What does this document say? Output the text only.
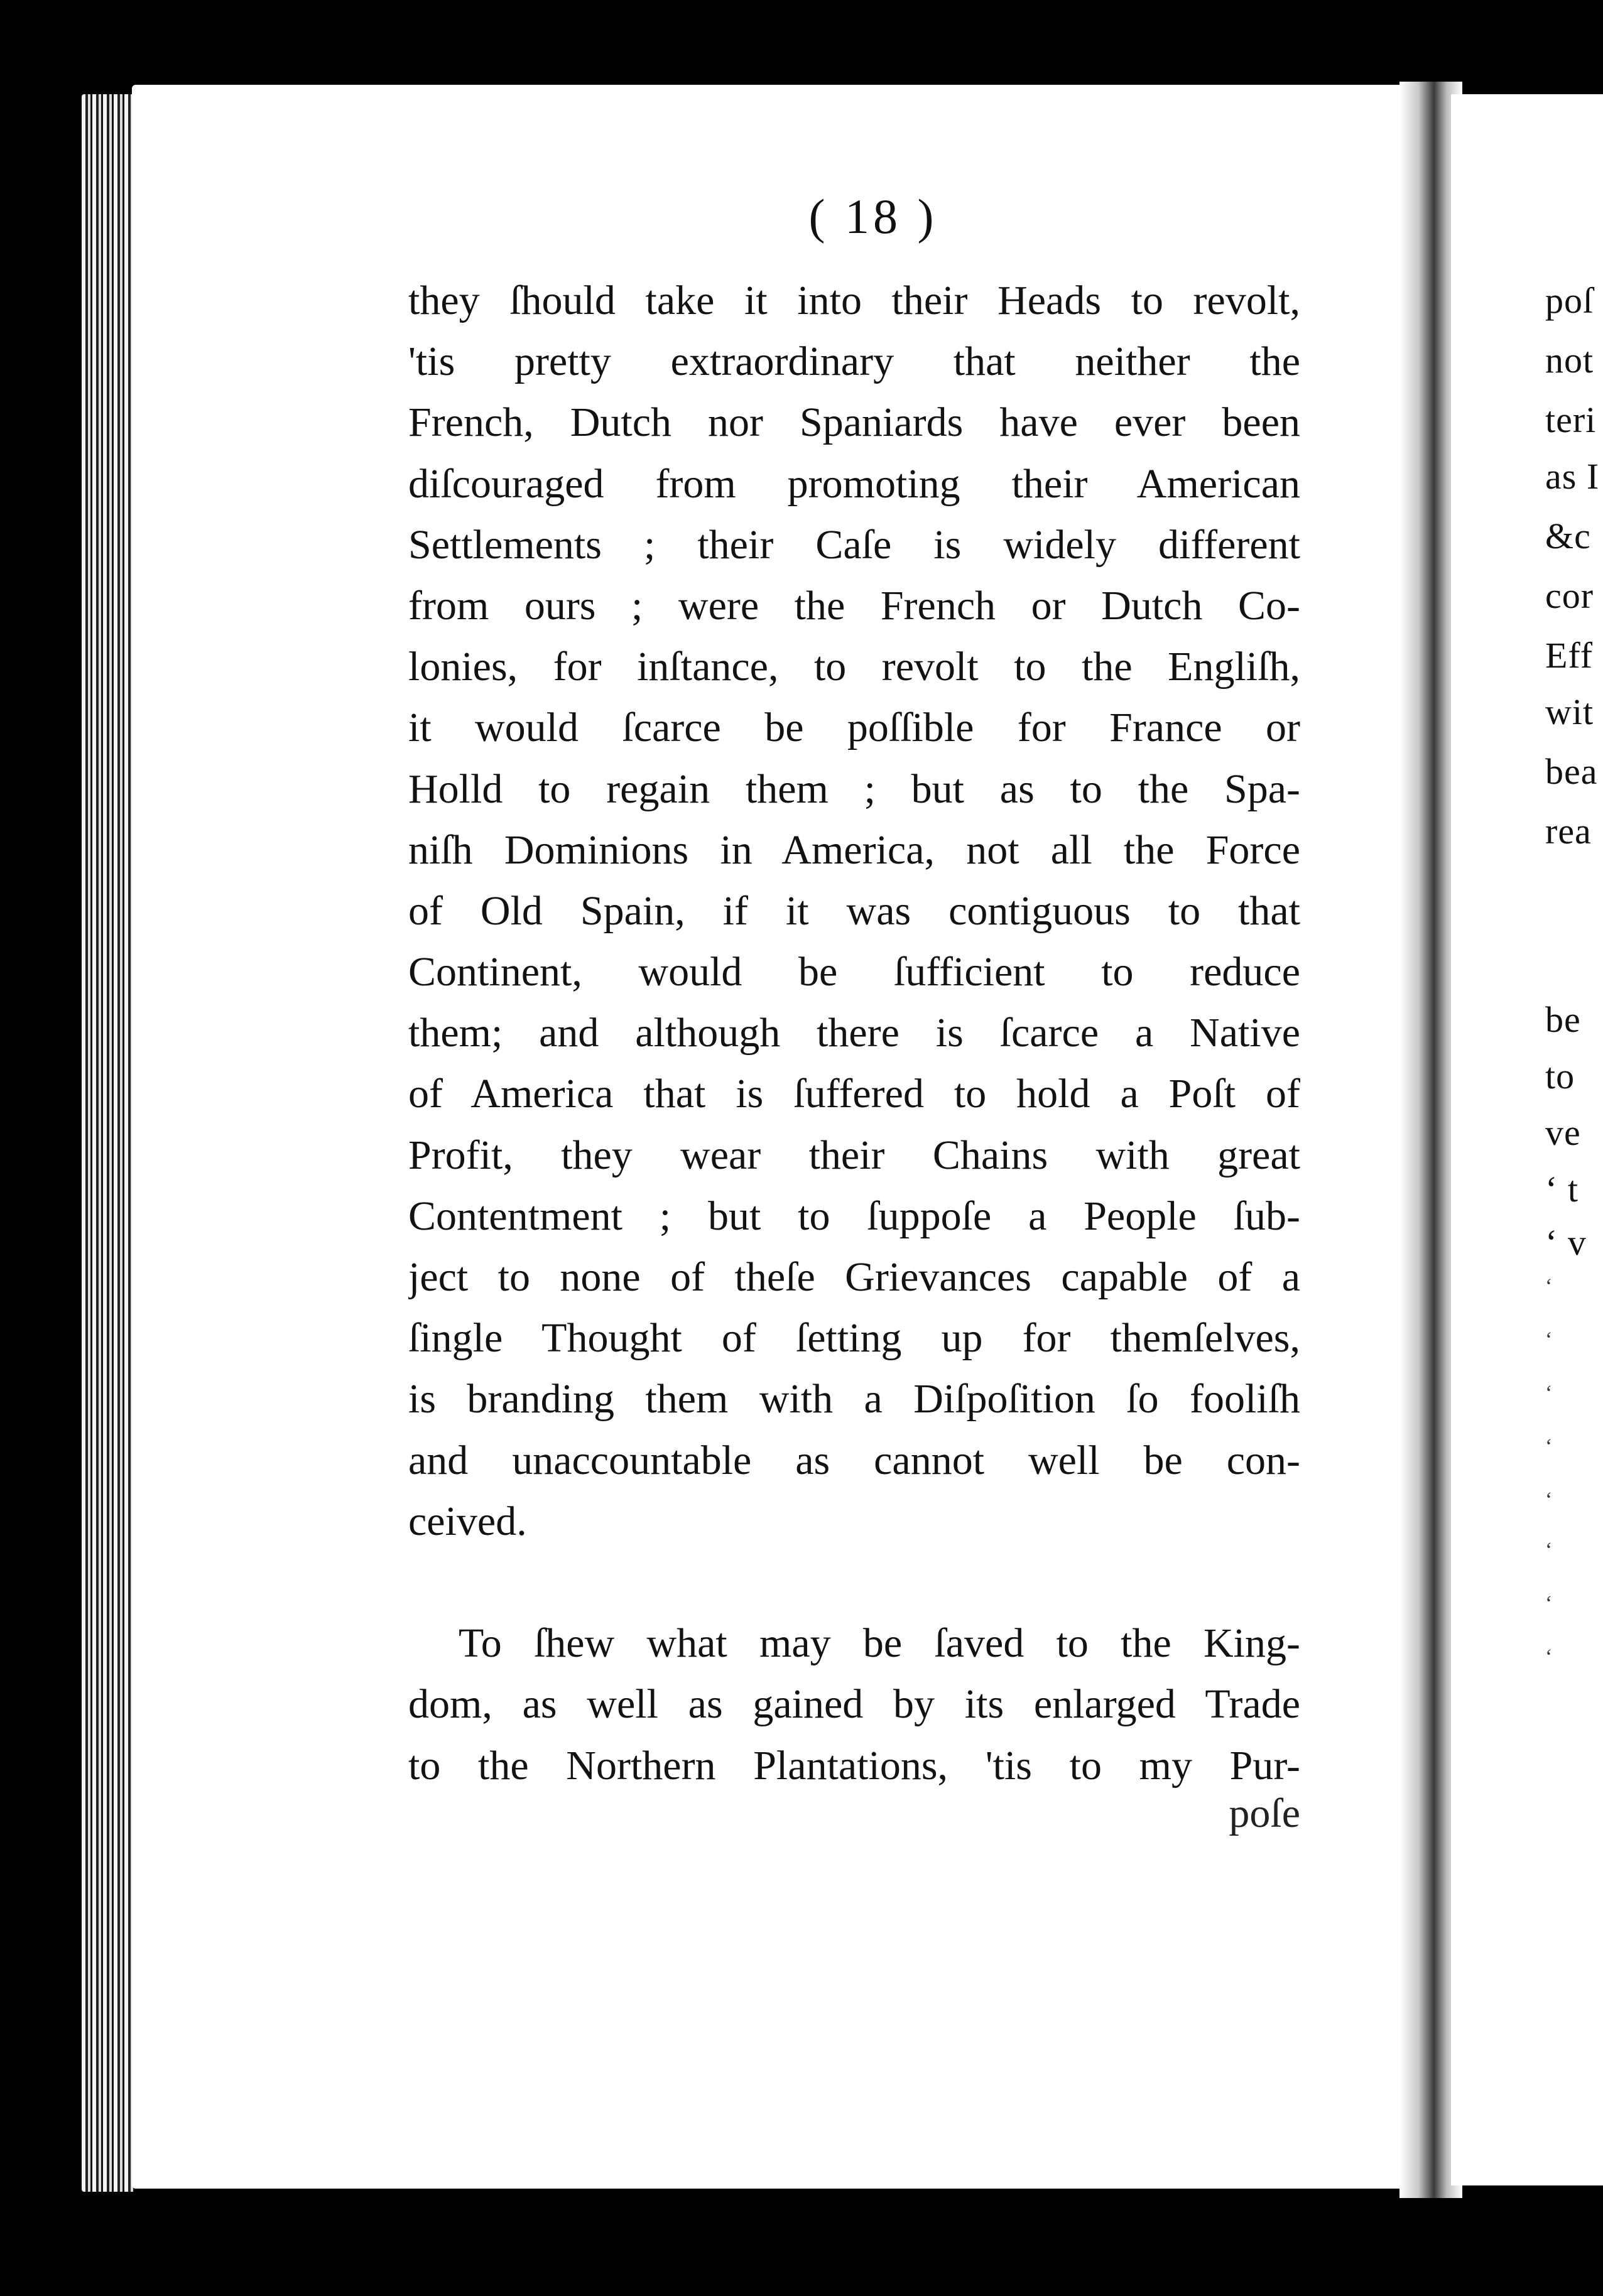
poſ
not
teri
as I
&c
cor
Eff
wit
bea
rea
be
to
ve
‘ t
‘ v
‘
‘
‘
‘
‘
‘
‘
‘
( 18 )
they ſhould take it into their Heads to revolt,
'tis pretty extraordinary that neither the
French, Dutch nor Spaniards have ever been
diſcouraged from promoting their American
Settlements ; their Caſe is widely different
from ours ; were the French or Dutch Co-
lonies, for inſtance, to revolt to the Engliſh,
it would ſcarce be poſſible for France or
Holl⁠d to regain them ; but as to the Spa-
niſh Dominions in America, not all the Force
of Old Spain, if it was contiguous to that
Continent, would be ſufficient to reduce
them; and although there is ſcarce a Native
of America that is ſuffered to hold a Poſt of
Profit, they wear their Chains with great
Contentment ; but to ſuppoſe a People ſub-
ject to none of theſe Grievances capable of a
ſingle Thought of ſetting up for themſelves,
is branding them with a Diſpoſition ſo fooliſh
and unaccountable as cannot well be con-
ceived.
To ſhew what may be ſaved to the King-
dom, as well as gained by its enlarged Trade
to the Northern Plantations, 'tis to my Pur-
poſe
